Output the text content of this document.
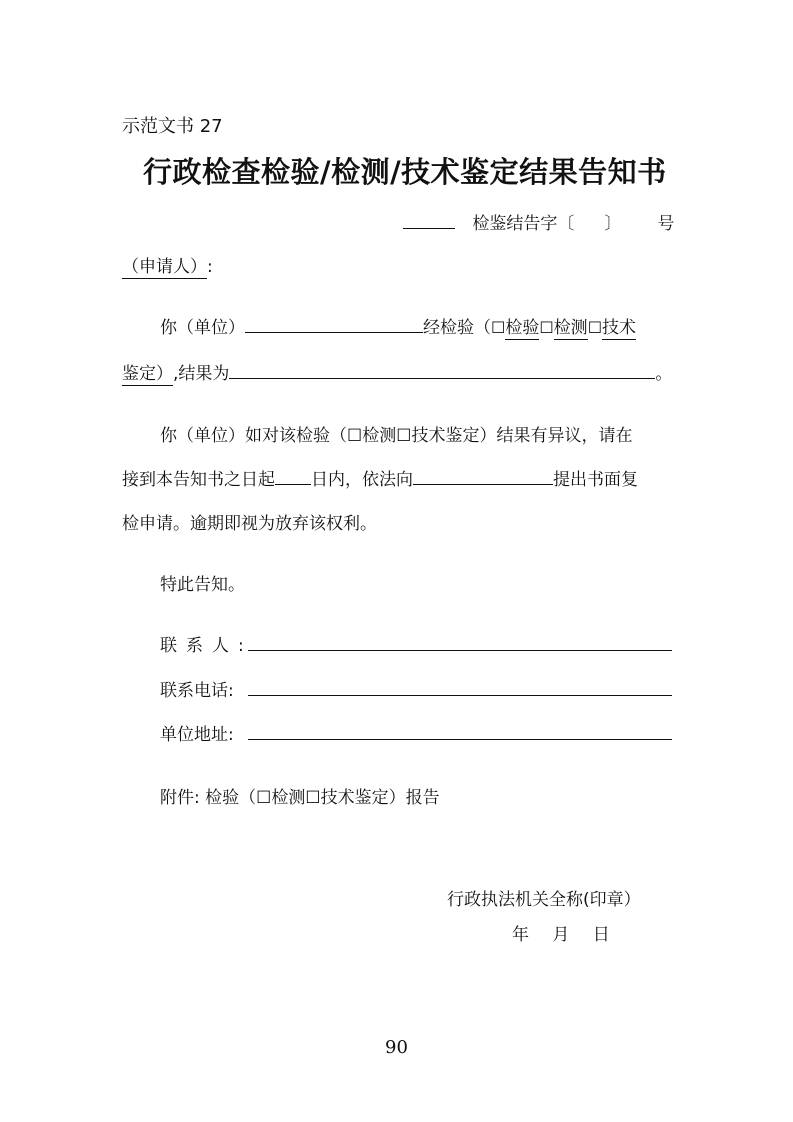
示范文书 27
行政检查检验/检测/技术鉴定结果告知书
检鉴结告字〔 〕 号
（申请人）:
你（单位）	经检验（☐检验☐检测☐技术
鉴定）,结果为	。
你（单位）如对该检验（☐检测☐技术鉴定）结果有异议，请在
接到本告知书之日起 日内，依法向	提出书面复
检申请。逾期即视为放弃该权利。
特此告知。
联系人:
联系电话:
单位地址:
附件: 检验（☐检测☐技术鉴定）报告
行政执法机关全称(印章）
年 月 日
90
